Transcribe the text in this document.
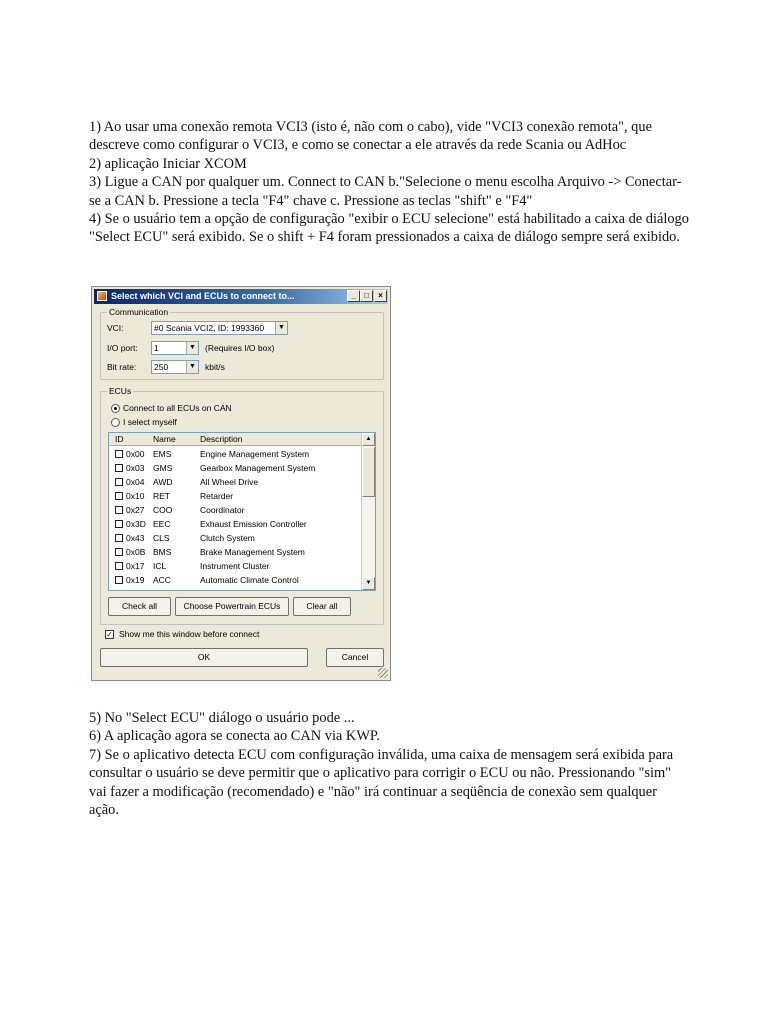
1) Ao usar uma conexão remota VCI3 (isto é, não com o cabo), vide "VCI3 conexão remota", que descreve como configurar o VCI3, e como se conectar a ele através da rede Scania ou AdHoc

2) aplicação Iniciar XCOM

3) Ligue a CAN por qualquer um. Connect to CAN b."Selecione o menu escolha Arquivo -> Conectar-se a CAN b. Pressione a tecla "F4" chave c. Pressione as teclas "shift" e "F4"

4) Se o usuário tem a opção de configuração "exibir o ECU selecione" está habilitado a caixa de diálogo "Select ECU" será exibido. Se o shift + F4 foram pressionados a caixa de diálogo sempre será exibido.

Select which VCI and ECUs to connect to...	_	□	×
Communication
VCI:	#0 Scania VCI2, ID: 1993360	▼
I/O port:	1	▼ (Requires I/O box)
Bit rate:	250	▼ kbit/s
ECUs
Connect to all ECUs on CAN
I select myself
ID	Name	Description
0x00 EMS	Engine Management System
0x03 GMS	Gearbox Management System
0x04 AWD	All Wheel Drive
0x10 RET	Retarder
0x27 COO	Coordinator
0x3D EEC	Exhaust Emission Controller
0x43 CLS	Clutch System
0x0B BMS	Brake Management System
0x17 ICL	Instrument Cluster
0x19 ACC	Automatic Climate Control
▲
▼
Check all	Choose Powertrain ECUs	Clear all
✓ Show me this window before connect
OK	Cancel

5) No "Select ECU" diálogo o usuário pode ...

6) A aplicação agora se conecta ao CAN via KWP.

7) Se o aplicativo detecta ECU com configuração inválida, uma caixa de mensagem será exibida para consultar o usuário se deve permitir que o aplicativo para corrigir o ECU ou não. Pressionando "sim" vai fazer a modificação (recomendado) e "não" irá continuar a seqüência de conexão sem qualquer ação.
